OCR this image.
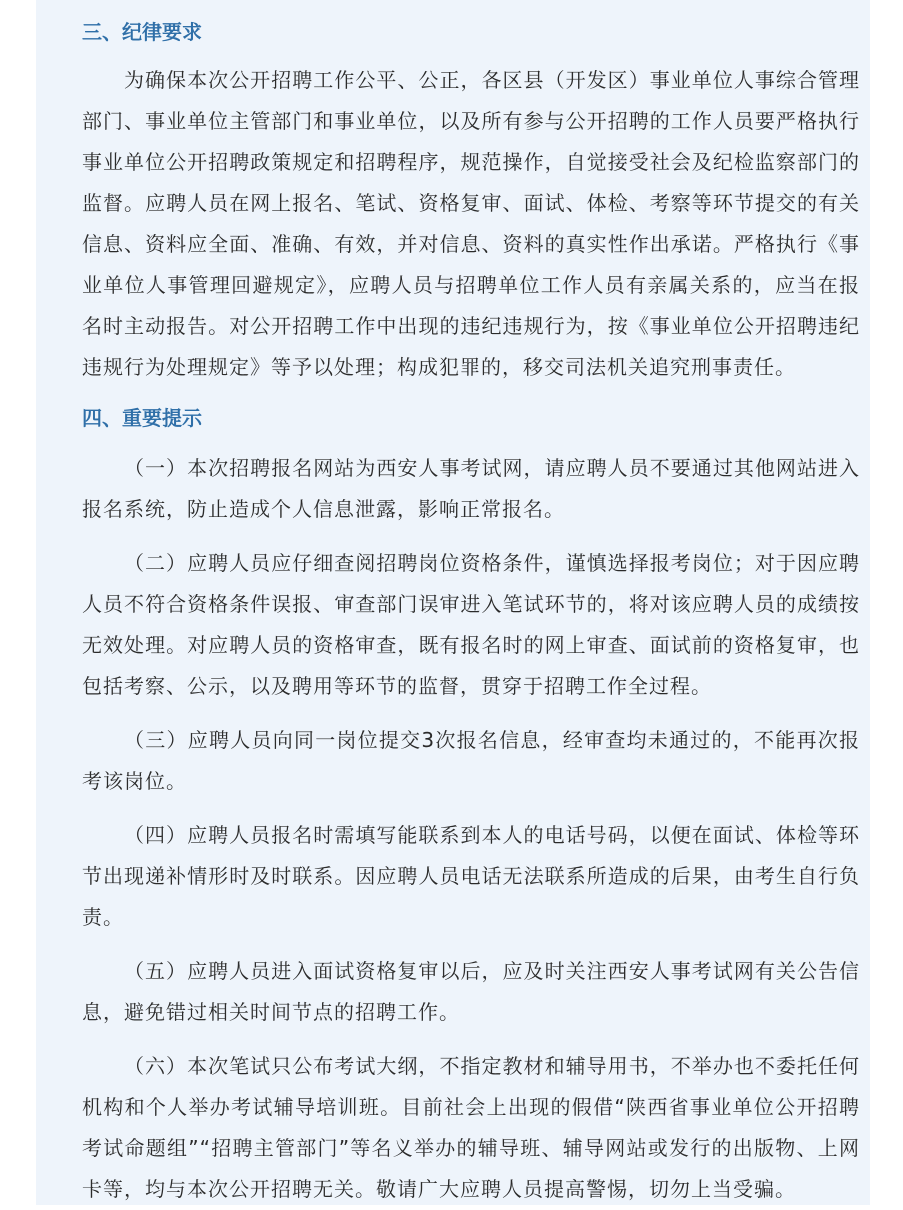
三、纪律要求

为确保本次公开招聘工作公平、公正，各区县（开发区）事业单位人事综合管理部门、事业单位主管部门和事业单位，以及所有参与公开招聘的工作人员要严格执行事业单位公开招聘政策规定和招聘程序，规范操作，自觉接受社会及纪检监察部门的监督。应聘人员在网上报名、笔试、资格复审、面试、体检、考察等环节提交的有关信息、资料应全面、准确、有效，并对信息、资料的真实性作出承诺。严格执行《事业单位人事管理回避规定》，应聘人员与招聘单位工作人员有亲属关系的，应当在报名时主动报告。对公开招聘工作中出现的违纪违规行为，按《事业单位公开招聘违纪违规行为处理规定》等予以处理；构成犯罪的，移交司法机关追究刑事责任。

四、重要提示

（一）本次招聘报名网站为西安人事考试网，请应聘人员不要通过其他网站进入报名系统，防止造成个人信息泄露，影响正常报名。

（二）应聘人员应仔细查阅招聘岗位资格条件，谨慎选择报考岗位；对于因应聘人员不符合资格条件误报、审查部门误审进入笔试环节的，将对该应聘人员的成绩按无效处理。对应聘人员的资格审查，既有报名时的网上审查、面试前的资格复审，也包括考察、公示，以及聘用等环节的监督，贯穿于招聘工作全过程。

（三）应聘人员向同一岗位提交3次报名信息，经审查均未通过的，不能再次报考该岗位。

（四）应聘人员报名时需填写能联系到本人的电话号码，以便在面试、体检等环节出现递补情形时及时联系。因应聘人员电话无法联系所造成的后果，由考生自行负责。

（五）应聘人员进入面试资格复审以后，应及时关注西安人事考试网有关公告信息，避免错过相关时间节点的招聘工作。

（六）本次笔试只公布考试大纲，不指定教材和辅导用书，不举办也不委托任何机构和个人举办考试辅导培训班。目前社会上出现的假借“陕西省事业单位公开招聘考试命题组”“招聘主管部门”等名义举办的辅导班、辅导网站或发行的出版物、上网卡等，均与本次公开招聘无关。敬请广大应聘人员提高警惕，切勿上当受骗。
